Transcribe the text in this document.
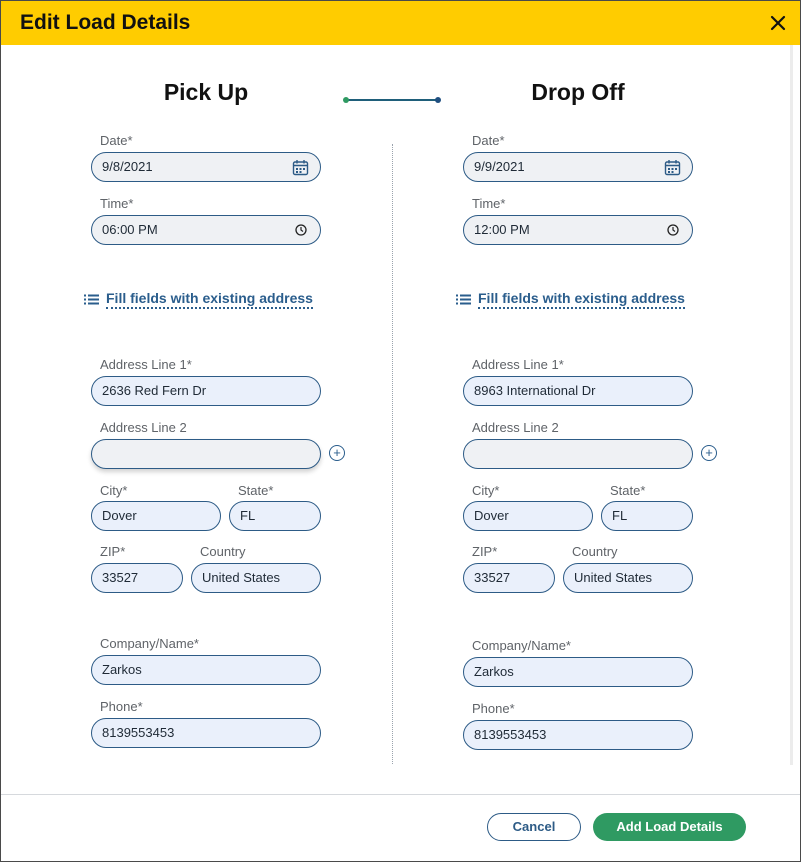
Edit Load Details
Pick Up	Drop Off
Date*
9/8/2021
Time*
06:00 PM
Fill fields with existing address
Address Line 1*
2636 Red Fern Dr
Address Line 2
+
City*
Dover
State*
FL
ZIP*
33527
Country
United States
Company/Name*
Zarkos
Phone*
8139553453
Date*
9/9/2021
Time*
12:00 PM
Fill fields with existing address
Address Line 1*
8963 International Dr
Address Line 2
+
City*
Dover
State*
FL
ZIP*
33527
Country
United States
Company/Name*
Zarkos
Phone*
8139553453
Cancel	Add Load Details
